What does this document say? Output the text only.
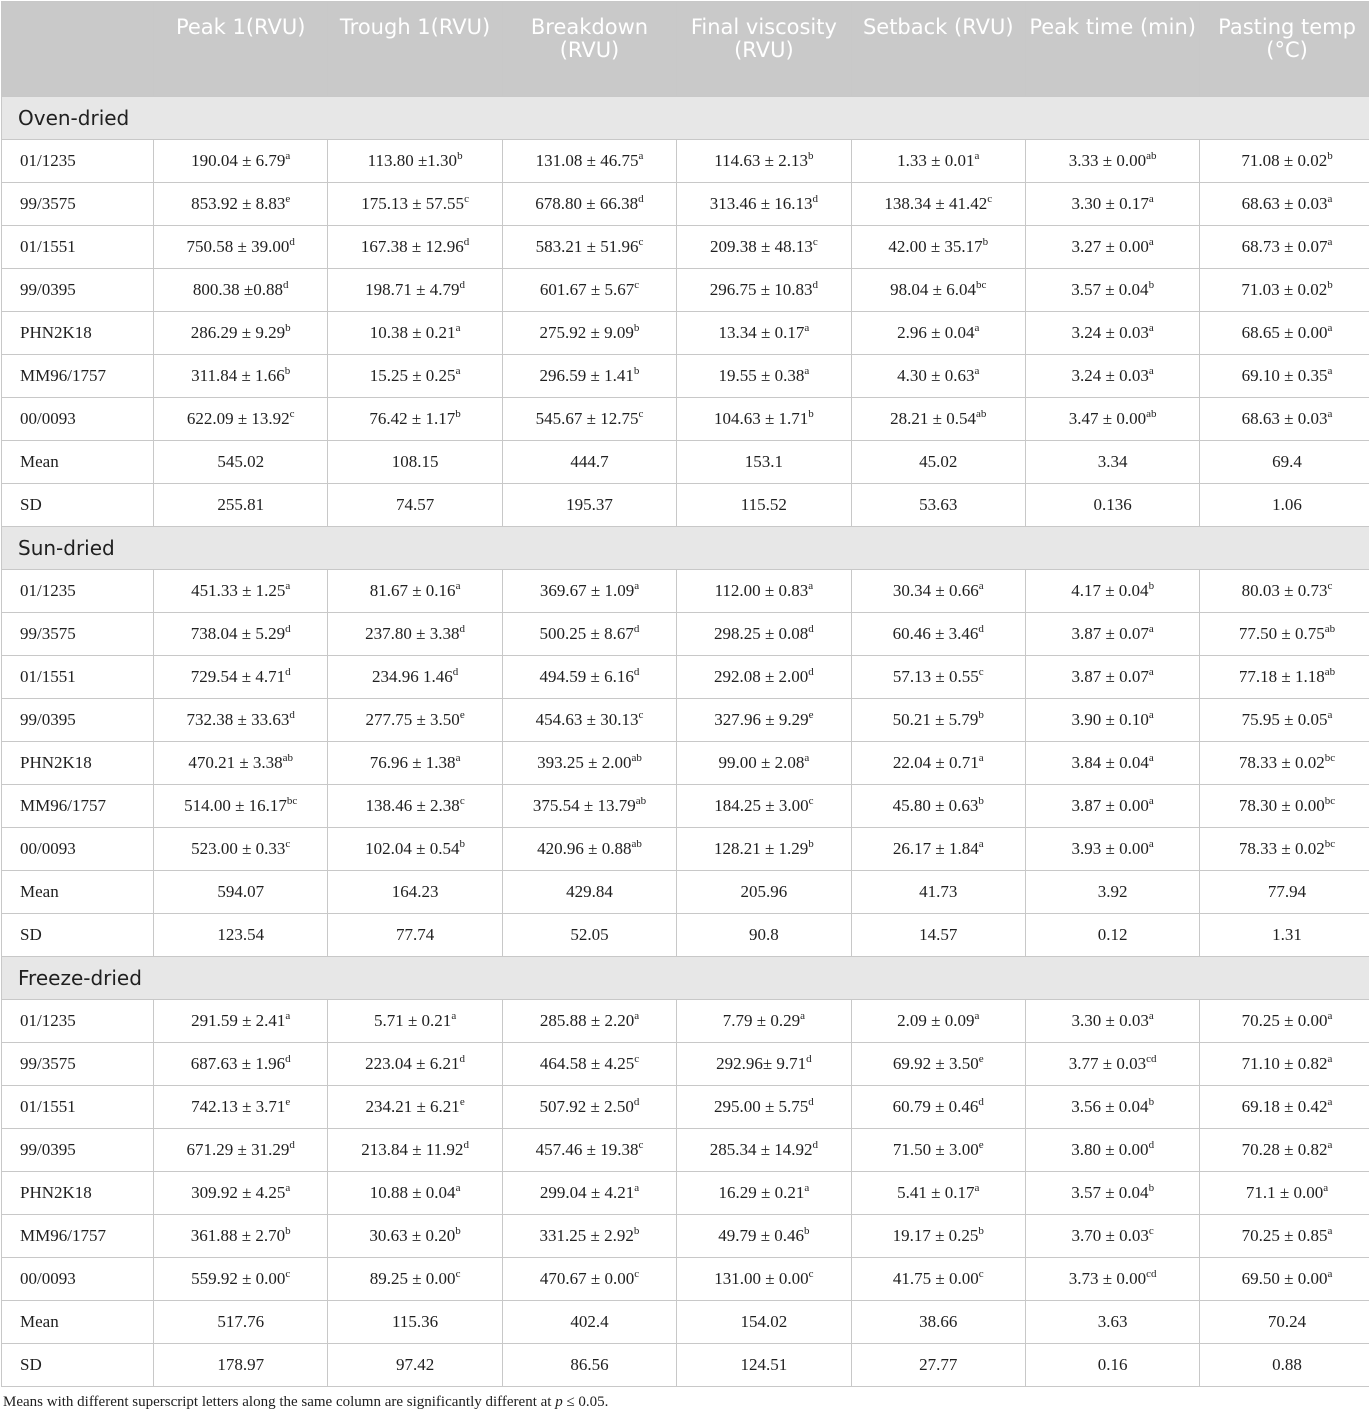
	Peak 1(RVU)	Trough 1(RVU)	Breakdown (RVU)	Final viscosity (RVU)	Setback (RVU)	Peak time (min)	Pasting temp (°C)
Oven-dried							
01/1235	190.04 ± 6.79$^a$	113.80 ±1.30$^b$	131.08 ± 46.75$^a$	114.63 ± 2.13$^b$	1.33 ± 0.01$^a$	3.33 ± 0.00$^{ab}$	71.08 ± 0.02$^b$
99/3575	853.92 ± 8.83$^e$	175.13 ± 57.55$^c$	678.80 ± 66.38$^d$	313.46 ± 16.13$^d$	138.34 ± 41.42$^c$	3.30 ± 0.17$^a$	68.63 ± 0.03$^a$
01/1551	750.58 ± 39.00$^d$	167.38 ± 12.96$^d$	583.21 ± 51.96$^c$	209.38 ± 48.13$^c$	42.00 ± 35.17$^b$	3.27 ± 0.00$^a$	68.73 ± 0.07$^a$
99/0395	800.38 ±0.88$^d$	198.71 ± 4.79$^d$	601.67 ± 5.67$^c$	296.75 ± 10.83$^d$	98.04 ± 6.04$^{bc}$	3.57 ± 0.04$^b$	71.03 ± 0.02$^b$
PHN2K18	286.29 ± 9.29$^b$	10.38 ± 0.21$^a$	275.92 ± 9.09$^b$	13.34 ± 0.17$^a$	2.96 ± 0.04$^a$	3.24 ± 0.03$^a$	68.65 ± 0.00$^a$
MM96/1757	311.84 ± 1.66$^b$	15.25 ± 0.25$^a$	296.59 ± 1.41$^b$	19.55 ± 0.38$^a$	4.30 ± 0.63$^a$	3.24 ± 0.03$^a$	69.10 ± 0.35$^a$
00/0093	622.09 ± 13.92$^c$	76.42 ± 1.17$^b$	545.67 ± 12.75$^c$	104.63 ± 1.71$^b$	28.21 ± 0.54$^{ab}$	3.47 ± 0.00$^{ab}$	68.63 ± 0.03$^a$
Mean	545.02	108.15	444.7	153.1	45.02	3.34	69.4
SD	255.81	74.57	195.37	115.52	53.63	0.136	1.06
Sun-dried							
01/1235	451.33 ± 1.25$^a$	81.67 ± 0.16$^a$	369.67 ± 1.09$^a$	112.00 ± 0.83$^a$	30.34 ± 0.66$^a$	4.17 ± 0.04$^b$	80.03 ± 0.73$^c$
99/3575	738.04 ± 5.29$^d$	237.80 ± 3.38$^d$	500.25 ± 8.67$^d$	298.25 ± 0.08$^d$	60.46 ± 3.46$^d$	3.87 ± 0.07$^a$	77.50 ± 0.75$^{ab}$
01/1551	729.54 ± 4.71$^d$	234.96 1.46$^d$	494.59 ± 6.16$^d$	292.08 ± 2.00$^d$	57.13 ± 0.55$^c$	3.87 ± 0.07$^a$	77.18 ± 1.18$^{ab}$
99/0395	732.38 ± 33.63$^d$	277.75 ± 3.50$^e$	454.63 ± 30.13$^c$	327.96 ± 9.29$^e$	50.21 ± 5.79$^b$	3.90 ± 0.10$^a$	75.95 ± 0.05$^a$
PHN2K18	470.21 ± 3.38$^{ab}$	76.96 ± 1.38$^a$	393.25 ± 2.00$^{ab}$	99.00 ± 2.08$^a$	22.04 ± 0.71$^a$	3.84 ± 0.04$^a$	78.33 ± 0.02$^{bc}$
MM96/1757	514.00 ± 16.17$^{bc}$	138.46 ± 2.38$^c$	375.54 ± 13.79$^{ab}$	184.25 ± 3.00$^c$	45.80 ± 0.63$^b$	3.87 ± 0.00$^a$	78.30 ± 0.00$^{bc}$
00/0093	523.00 ± 0.33$^c$	102.04 ± 0.54$^b$	420.96 ± 0.88$^{ab}$	128.21 ± 1.29$^b$	26.17 ± 1.84$^a$	3.93 ± 0.00$^a$	78.33 ± 0.02$^{bc}$
Mean	594.07	164.23	429.84	205.96	41.73	3.92	77.94
SD	123.54	77.74	52.05	90.8	14.57	0.12	1.31
Freeze-dried							
01/1235	291.59 ± 2.41$^a$	5.71 ± 0.21$^a$	285.88 ± 2.20$^a$	7.79 ± 0.29$^a$	2.09 ± 0.09$^a$	3.30 ± 0.03$^a$	70.25 ± 0.00$^a$
99/3575	687.63 ± 1.96$^d$	223.04 ± 6.21$^d$	464.58 ± 4.25$^c$	292.96± 9.71$^d$	69.92 ± 3.50$^e$	3.77 ± 0.03$^{cd}$	71.10 ± 0.82$^a$
01/1551	742.13 ± 3.71$^e$	234.21 ± 6.21$^e$	507.92 ± 2.50$^d$	295.00 ± 5.75$^d$	60.79 ± 0.46$^d$	3.56 ± 0.04$^b$	69.18 ± 0.42$^a$
99/0395	671.29 ± 31.29$^d$	213.84 ± 11.92$^d$	457.46 ± 19.38$^c$	285.34 ± 14.92$^d$	71.50 ± 3.00$^e$	3.80 ± 0.00$^d$	70.28 ± 0.82$^a$
PHN2K18	309.92 ± 4.25$^a$	10.88 ± 0.04$^a$	299.04 ± 4.21$^a$	16.29 ± 0.21$^a$	5.41 ± 0.17$^a$	3.57 ± 0.04$^b$	71.1 ± 0.00$^a$
MM96/1757	361.88 ± 2.70$^b$	30.63 ± 0.20$^b$	331.25 ± 2.92$^b$	49.79 ± 0.46$^b$	19.17 ± 0.25$^b$	3.70 ± 0.03$^c$	70.25 ± 0.85$^a$
00/0093	559.92 ± 0.00$^c$	89.25 ± 0.00$^c$	470.67 ± 0.00$^c$	131.00 ± 0.00$^c$	41.75 ± 0.00$^c$	3.73 ± 0.00$^{cd}$	69.50 ± 0.00$^a$
Mean	517.76	115.36	402.4	154.02	38.66	3.63	70.24
SD	178.97	97.42	86.56	124.51	27.77	0.16	0.88
Means with different superscript letters along the same column are significantly different at p ≤ 0.05.
